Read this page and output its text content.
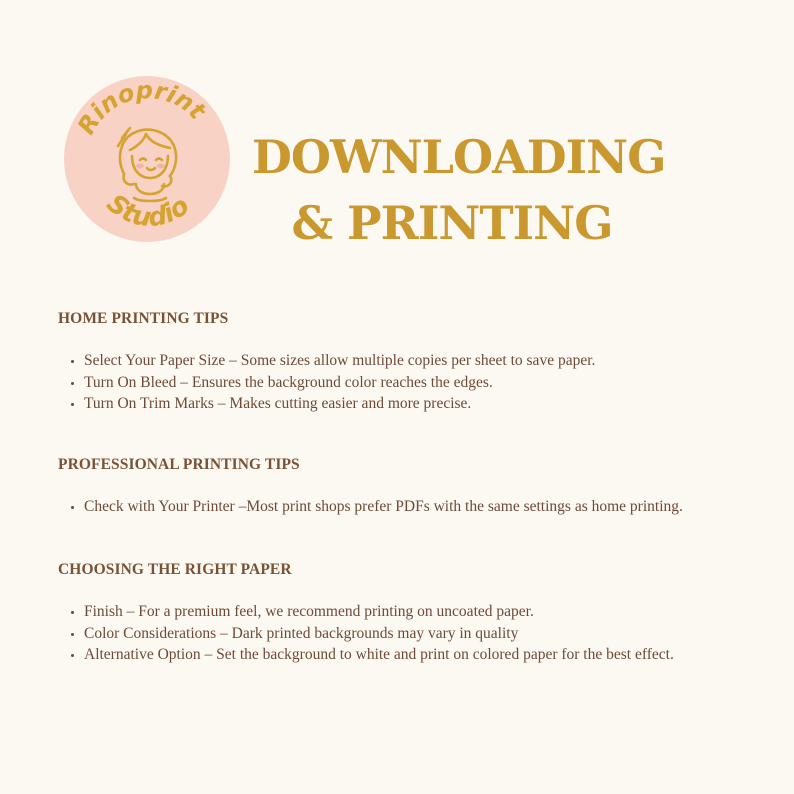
Rinoprint
Studio
DOWNLOADING
& PRINTING
HOME PRINTING TIPS
• Select Your Paper Size – Some sizes allow multiple copies per sheet to save paper.
• Turn On Bleed – Ensures the background color reaches the edges.
• Turn On Trim Marks – Makes cutting easier and more precise.
PROFESSIONAL PRINTING TIPS
• Check with Your Printer –Most print shops prefer PDFs with the same settings as home printing.
CHOOSING THE RIGHT PAPER
• Finish – For a premium feel, we recommend printing on uncoated paper.
• Color Considerations – Dark printed backgrounds may vary in quality
• Alternative Option – Set the background to white and print on colored paper for the best effect.
